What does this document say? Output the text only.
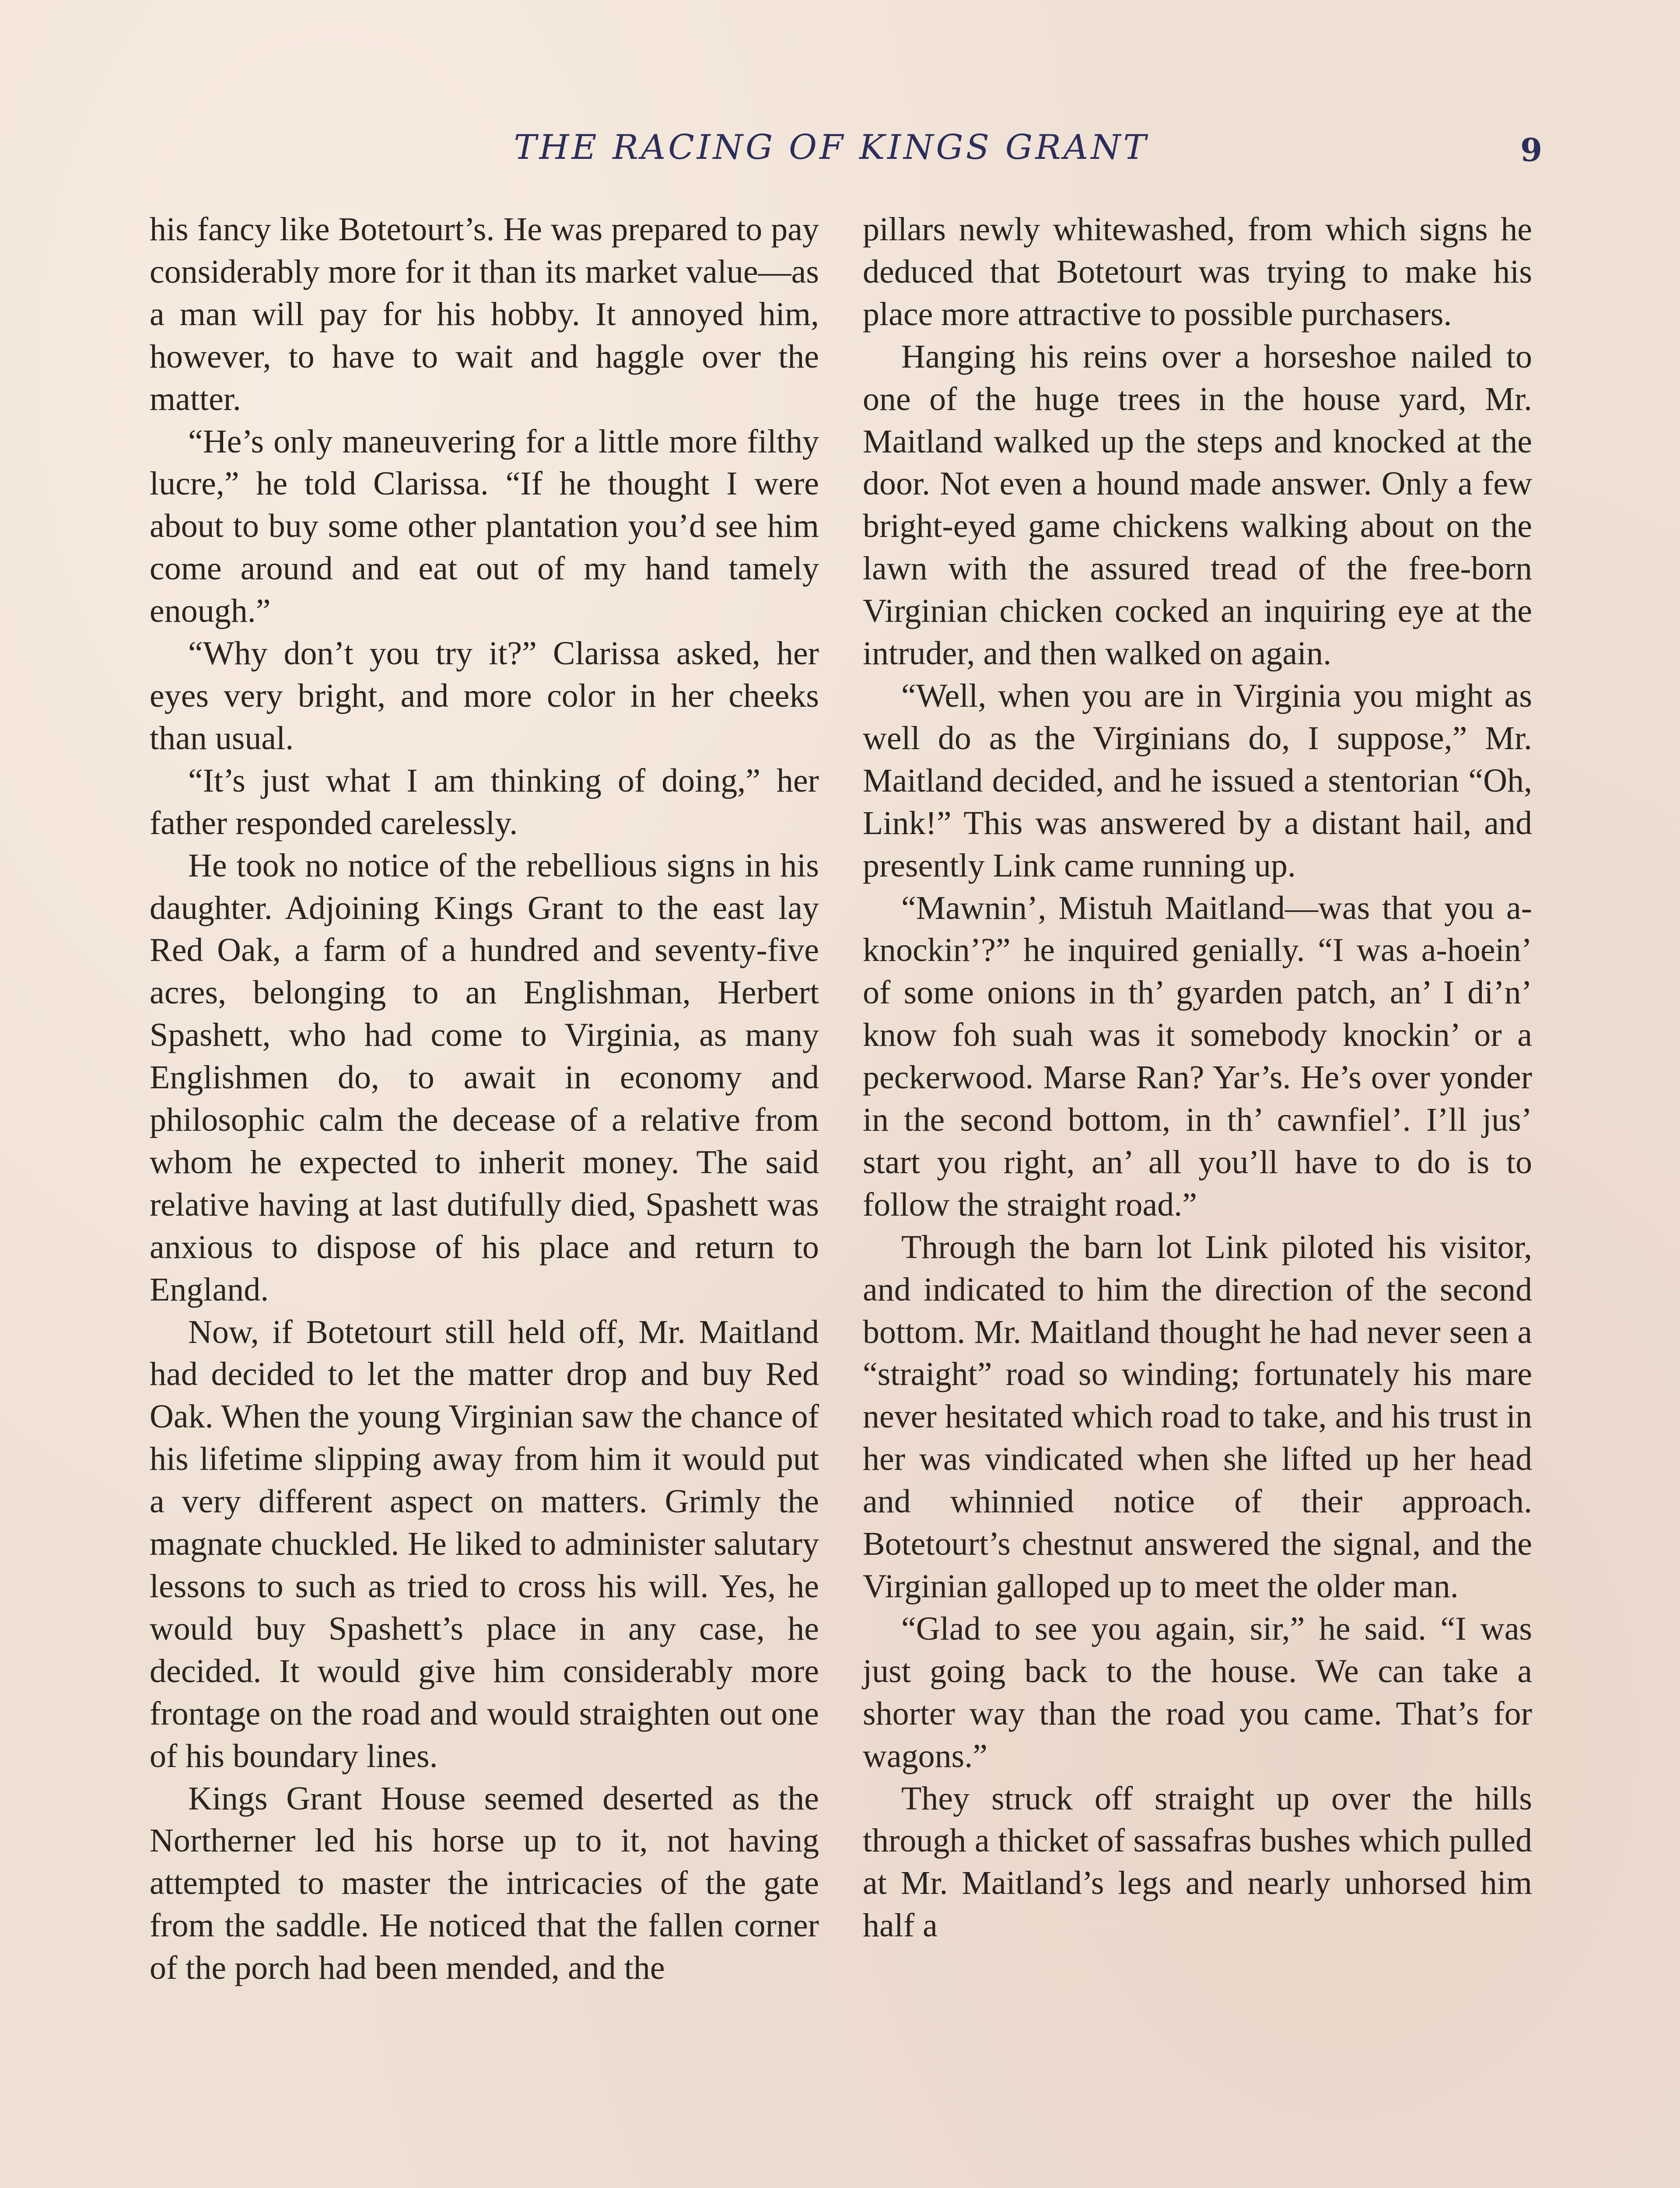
THE RACING OF KINGS GRANT	9

his fancy like Botetourt’s. He was prepared to pay considerably more for it than its market value—as a man will pay for his hobby. It annoyed him, however, to have to wait and haggle over the matter.

“He’s only maneuvering for a little more filthy lucre,” he told Clarissa. “If he thought I were about to buy some other plantation you’d see him come around and eat out of my hand tamely enough.”

“Why don’t you try it?” Clarissa asked, her eyes very bright, and more color in her cheeks than usual.

“It’s just what I am thinking of doing,” her father responded carelessly.

He took no notice of the rebellious signs in his daughter. Adjoining Kings Grant to the east lay Red Oak, a farm of a hundred and seventy-five acres, belonging to an Englishman, Herbert Spashett, who had come to Virginia, as many Englishmen do, to await in economy and philosophic calm the decease of a relative from whom he expected to inherit money. The said relative having at last dutifully died, Spashett was anxious to dispose of his place and return to England.

Now, if Botetourt still held off, Mr. Maitland had decided to let the matter drop and buy Red Oak. When the young Virginian saw the chance of his lifetime slipping away from him it would put a very different aspect on matters. Grimly the magnate chuckled. He liked to administer salutary lessons to such as tried to cross his will. Yes, he would buy Spashett’s place in any case, he decided. It would give him considerably more frontage on the road and would straighten out one of his boundary lines.

Kings Grant House seemed deserted as the Northerner led his horse up to it, not having attempted to master the intricacies of the gate from the saddle. He noticed that the fallen corner of the porch had been mended, and the

pillars newly whitewashed, from which signs he deduced that Botetourt was trying to make his place more attractive to possible purchasers.

Hanging his reins over a horseshoe nailed to one of the huge trees in the house yard, Mr. Maitland walked up the steps and knocked at the door. Not even a hound made answer. Only a few bright-eyed game chickens walking about on the lawn with the assured tread of the free-born Virginian chicken cocked an inquiring eye at the intruder, and then walked on again.

“Well, when you are in Virginia you might as well do as the Virginians do, I suppose,” Mr. Maitland decided, and he issued a stentorian “Oh, Link!” This was answered by a distant hail, and presently Link came running up.

“Mawnin’, Mistuh Maitland—was that you a-knockin’?” he inquired genially. “I was a-hoein’ of some onions in th’ gyarden patch, an’ I di’n’ know foh suah was it somebody knockin’ or a peckerwood. Marse Ran? Yar’s. He’s over yonder in the second bottom, in th’ cawnfiel’. I’ll jus’ start you right, an’ all you’ll have to do is to follow the straight road.”

Through the barn lot Link piloted his visitor, and indicated to him the direction of the second bottom. Mr. Maitland thought he had never seen a “straight” road so winding; fortunately his mare never hesitated which road to take, and his trust in her was vindicated when she lifted up her head and whinnied notice of their approach. Botetourt’s chestnut answered the signal, and the Virginian galloped up to meet the older man.

“Glad to see you again, sir,” he said. “I was just going back to the house. We can take a shorter way than the road you came. That’s for wagons.”

They struck off straight up over the hills through a thicket of sassafras bushes which pulled at Mr. Maitland’s legs and nearly unhorsed him half a
